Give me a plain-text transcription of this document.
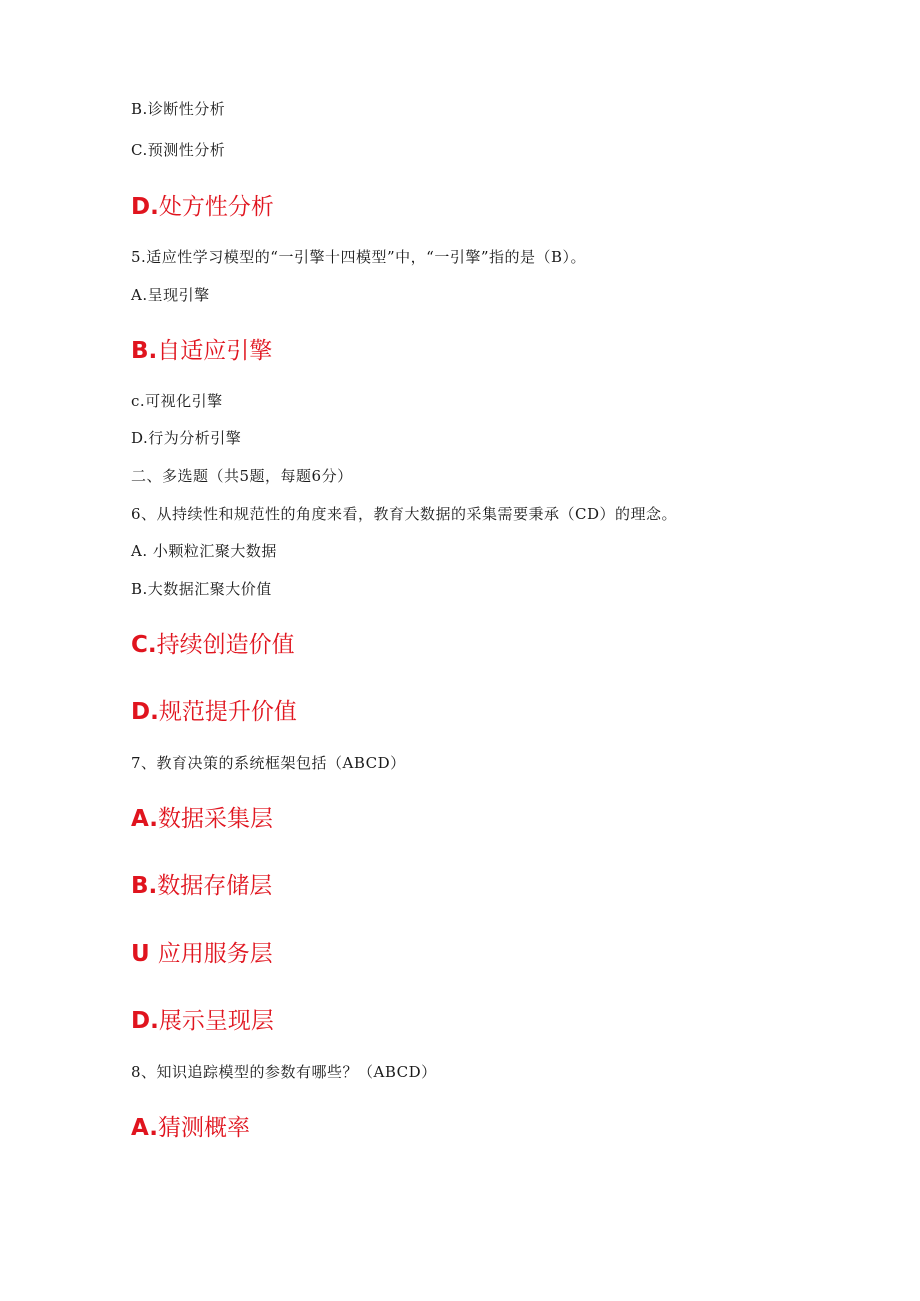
B.诊断性分析
C.预测性分析
D.处方性分析
5.适应性学习模型的“一引擎十四模型”中，“一引擎”指的是（B）。
A.呈现引擎
B.自适应引擎
c.可视化引擎
D.行为分析引擎
二、多选题（共5题，每题6分）
6、从持续性和规范性的角度来看，教育大数据的采集需要秉承（CD）的理念。
A. 小颗粒汇聚大数据
B.大数据汇聚大价值
C.持续创造价值
D.规范提升价值
7、教育决策的系统框架包括（ABCD）
A.数据采集层
B.数据存储层
U 应用服务层
D.展示呈现层
8、知识追踪模型的参数有哪些？（ABCD）
A.猜测概率
